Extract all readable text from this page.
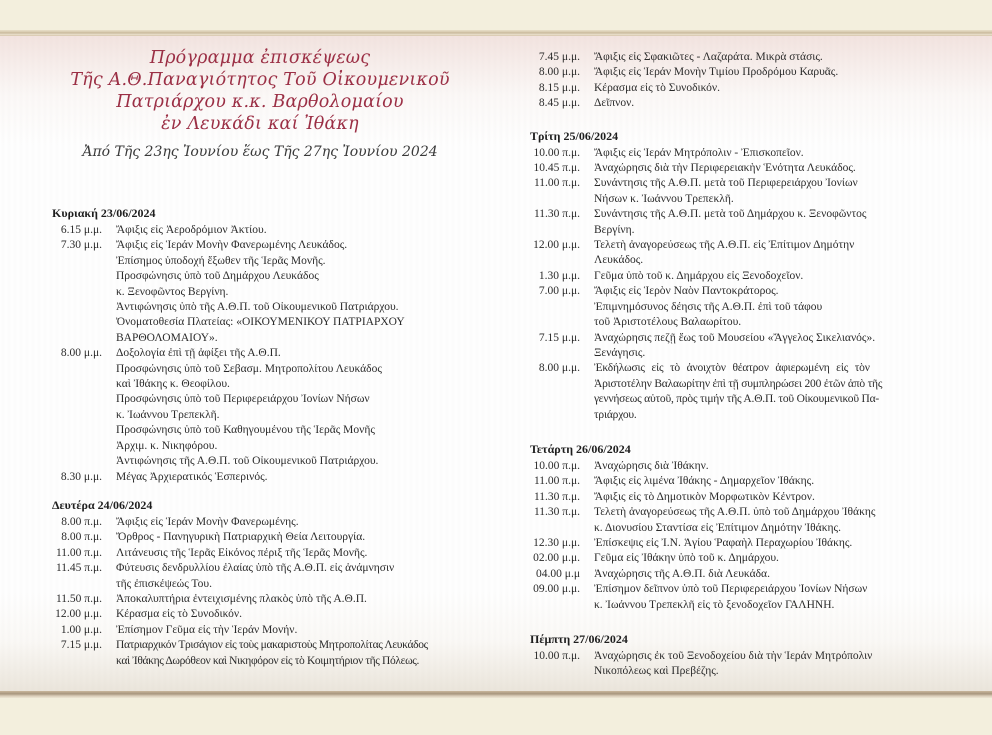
Πρόγραμμα ἐπισκέψεως
Τῆς Α.Θ.Παναγιότητος Τοῦ Οἰκουμενικοῦ
Πατριάρχου κ.κ. Βαρθολομαίου
ἐν Λευκάδι καί Ἰθάκη
Ἀπό Τῆς 23ης Ἰουνίου ἕως Τῆς 27ης Ἰουνίου 2024
Κυριακή 23/06/2024
6.15 μ.μ.	Ἄφιξις εἰς Ἀεροδρόμιον Ἀκτίου.
7.30 μ.μ.	Ἄφιξις εἰς Ἱεράν Μονὴν Φανερωμένης Λευκάδος.
Ἐπίσημος ὑποδοχή ἔξωθεν τῆς Ἱερᾶς Μονῆς.
Προσφώνησις ὑπὸ τοῦ Δημάρχου Λευκάδος
κ. Ξενοφῶντος Βεργίνη.
Ἀντιφώνησις ὑπὸ τῆς Α.Θ.Π. τοῦ Οἰκουμενικοῦ Πατριάρχου.
Ὀνοματοθεσία Πλατείας: «ΟΙΚΟΥΜΕΝΙΚΟΥ ΠΑΤΡΙΑΡΧΟΥ
ΒΑΡΘΟΛΟΜΑΙΟΥ».
8.00 μ.μ.	Δοξολογία ἐπὶ τῇ ἀφίξει τῆς Α.Θ.Π.
Προσφώνησις ὑπὸ τοῦ Σεβασμ. Μητροπολίτου Λευκάδος
καὶ Ἰθάκης κ. Θεοφίλου.
Προσφώνησις ὑπὸ τοῦ Περιφερειάρχου Ἰονίων Νήσων
κ. Ἰωάννου Τρεπεκλῆ.
Προσφώνησις ὑπὸ τοῦ Καθηγουμένου τῆς Ἱερᾶς Μονῆς
Ἀρχιμ. κ. Νικηφόρου.
Ἀντιφώνησις τῆς Α.Θ.Π. τοῦ Οἰκουμενικοῦ Πατριάρχου.
8.30 μ.μ.	Μέγας Ἀρχιερατικός Ἑσπερινός.
Δευτέρα 24/06/2024
8.00 π.μ.	Ἄφιξις εἰς Ἱεράν Μονὴν Φανερωμένης.
8.00 π.μ.	Ὄρθρος - Πανηγυρικὴ Πατριαρχικὴ Θεία Λειτουργία.
11.00 π.μ.	Λιτάνευσις τῆς Ἱερᾶς Εἰκόνος πέριξ τῆς Ἱερᾶς Μονῆς.
11.45 π.μ.	Φύτευσις δενδρυλλίου ἐλαίας ὑπὸ τῆς Α.Θ.Π. εἰς ἀνάμνησιν
τῆς ἐπισκέψεώς Του.
11.50 π.μ.	Ἀποκαλυπτήρια ἐντειχισμένης πλακὸς ὑπὸ τῆς Α.Θ.Π.
12.00 μ.μ.	Κέρασμα εἰς τὸ Συνοδικόν.
1.00 μ.μ.	Ἐπίσημον Γεῦμα εἰς τὴν Ἱεράν Μονήν.
7.15 μ.μ.	Πατριαρχικόν Τρισάγιον εἰς τοὺς μακαριστοὺς Μητροπολίτας Λευκάδος
καὶ Ἰθάκης Δωρόθεον καὶ Νικηφόρον εἰς τὸ Κοιμητήριον τῆς Πόλεως.
7.45 μ.μ.	Ἄφιξις εἰς Σφακιῶτες - Λαζαράτα. Μικρὰ στάσις.
8.00 μ.μ.	Ἄφιξις εἰς Ἱεράν Μονὴν Τιμίου Προδρόμου Καρυᾶς.
8.15 μ.μ.	Κέρασμα εἰς τὸ Συνοδικόν.
8.45 μ.μ.	Δεῖπνον.
Τρίτη 25/06/2024
10.00 π.μ.	Ἄφιξις εἰς Ἱεράν Μητρόπολιν - Ἐπισκοπεῖον.
10.45 π.μ.	Ἀναχώρησις διὰ τὴν Περιφερειακὴν Ἑνότητα Λευκάδος.
11.00 π.μ.	Συνάντησις τῆς Α.Θ.Π. μετὰ τοῦ Περιφερειάρχου Ἰονίων
Νήσων κ. Ἰωάννου Τρεπεκλῆ.
11.30 π.μ.	Συνάντησις τῆς Α.Θ.Π. μετὰ τοῦ Δημάρχου κ. Ξενοφῶντος
Βεργίνη.
12.00 μ.μ.	Τελετὴ ἀναγορεύσεως τῆς Α.Θ.Π. εἰς Ἐπίτιμον Δημότην
Λευκάδος.
1.30 μ.μ.	Γεῦμα ὑπὸ τοῦ κ. Δημάρχου εἰς Ξενοδοχεῖον.
7.00 μ.μ.	Ἄφιξις εἰς Ἱερὸν Ναὸν Παντοκράτορος.
Ἐπιμνημόσυνος δέησις τῆς Α.Θ.Π. ἐπὶ τοῦ τάφου
τοῦ Ἀριστοτέλους Βαλαωρίτου.
7.15 μ.μ.	Ἀναχώρησις πεζῇ ἕως τοῦ Μουσείου «Ἄγγελος Σικελιανός».
Ξενάγησις.
8.00 μ.μ.	Ἐκδήλωσις εἰς τὸ ἀνοιχτὸν θέατρον ἀφιερωμένη εἰς τὸν
Ἀριστοτέλην Βαλαωρίτην ἐπὶ τῇ συμπληρώσει 200 ἐτῶν ἀπὸ τῆς
γεννήσεως αὐτοῦ, πρὸς τιμήν τῆς Α.Θ.Π. τοῦ Οἰκουμενικοῦ Πα-
τριάρχου.
Τετάρτη 26/06/2024
10.00 π.μ.	Ἀναχώρησις διὰ Ἰθάκην.
11.00 π.μ.	Ἄφιξις εἰς λιμένα Ἰθάκης - Δημαρχεῖον Ἰθάκης.
11.30 π.μ.	Ἄφιξις εἰς τὸ Δημοτικὸν Μορφωτικὸν Κέντρον.
11.30 π.μ.	Τελετὴ ἀναγορεύσεως τῆς Α.Θ.Π. ὑπὸ τοῦ Δημάρχου Ἰθάκης
κ. Διονυσίου Σταντίσα εἰς Ἐπίτιμον Δημότην Ἰθάκης.
12.30 μ.μ.	Ἐπίσκεψις εἰς Ἰ.Ν. Ἁγίου Ῥαφαὴλ Περαχωρίου Ἰθάκης.
02.00 μ.μ.	Γεῦμα εἰς Ἰθάκην ὑπὸ τοῦ κ. Δημάρχου.
04.00 μ.μ	Ἀναχώρησις τῆς Α.Θ.Π. διὰ Λευκάδα.
09.00 μ.μ.	Ἐπίσημον δεῖπνον ὑπὸ τοῦ Περιφερειάρχου Ἰονίων Νήσων
κ. Ἰωάννου Τρεπεκλῆ εἰς τὸ ξενοδοχεῖον ΓΑΛΗΝΗ.
Πέμπτη 27/06/2024
10.00 π.μ.	Ἀναχώρησις ἐκ τοῦ Ξενοδοχείου διὰ τὴν Ἱεράν Μητρόπολιν
Νικοπόλεως καὶ Πρεβέζης.
